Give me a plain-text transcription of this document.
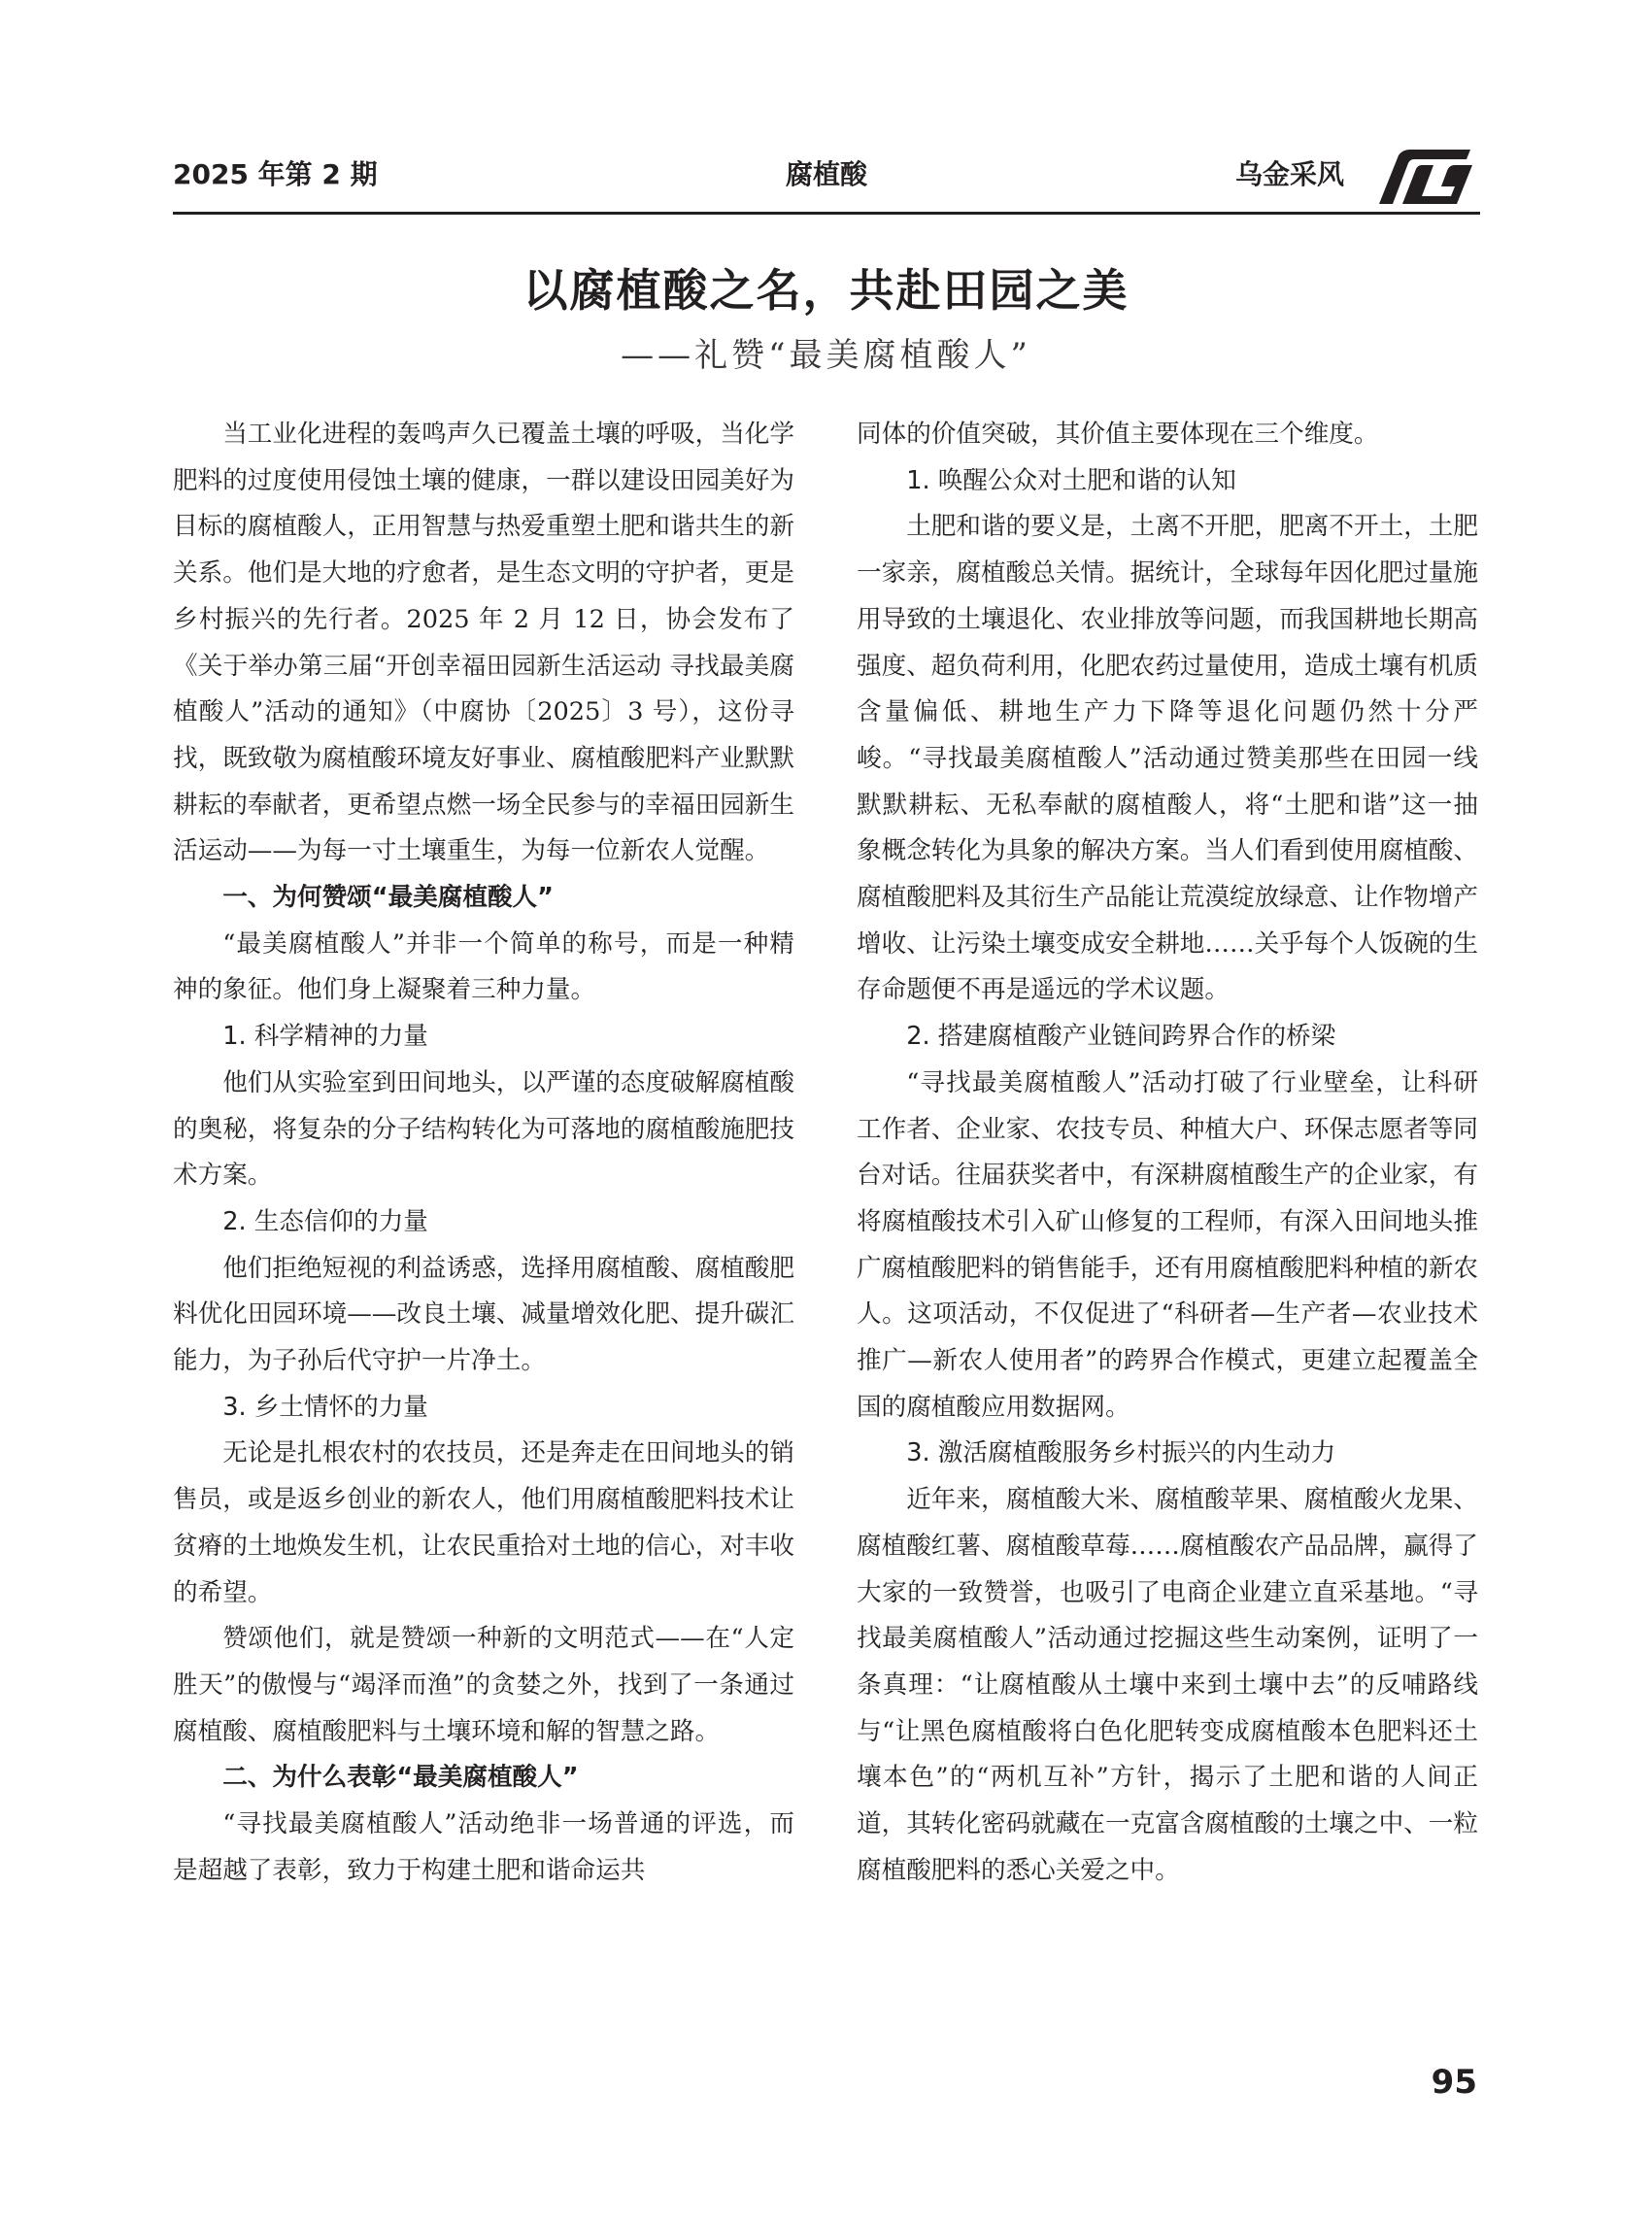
2025 年第 2 期	腐植酸	乌金采风
以腐植酸之名，共赴田园之美
——礼赞“最美腐植酸人”

当工业化进程的轰鸣声久已覆盖土壤的呼吸，当化学肥料的过度使用侵蚀土壤的健康，一群以建设田园美好为目标的腐植酸人，正用智慧与热爱重塑土肥和谐共生的新关系。他们是大地的疗愈者，是生态文明的守护者，更是乡村振兴的先行者。2025 年 2 月 12 日，协会发布了《关于举办第三届“开创幸福田园新生活运动 寻找最美腐植酸人”活动的通知》（中腐协〔2025〕3 号），这份寻找，既致敬为腐植酸环境友好事业、腐植酸肥料产业默默耕耘的奉献者，更希望点燃一场全民参与的幸福田园新生活运动——为每一寸土壤重生，为每一位新农人觉醒。

一、为何赞颂“最美腐植酸人”

“最美腐植酸人”并非一个简单的称号，而是一种精神的象征。他们身上凝聚着三种力量。

1. 科学精神的力量

他们从实验室到田间地头，以严谨的态度破解腐植酸的奥秘，将复杂的分子结构转化为可落地的腐植酸施肥技术方案。

2. 生态信仰的力量

他们拒绝短视的利益诱惑，选择用腐植酸、腐植酸肥料优化田园环境——改良土壤、减量增效化肥、提升碳汇能力，为子孙后代守护一片净土。

3. 乡土情怀的力量

无论是扎根农村的农技员，还是奔走在田间地头的销售员，或是返乡创业的新农人，他们用腐植酸肥料技术让贫瘠的土地焕发生机，让农民重拾对土地的信心，对丰收的希望。

赞颂他们，就是赞颂一种新的文明范式——在“人定胜天”的傲慢与“竭泽而渔”的贪婪之外，找到了一条通过腐植酸、腐植酸肥料与土壤环境和解的智慧之路。

二、为什么表彰“最美腐植酸人”

“寻找最美腐植酸人”活动绝非一场普通的评选，而是超越了表彰，致力于构建土肥和谐命运共

同体的价值突破，其价值主要体现在三个维度。

1. 唤醒公众对土肥和谐的认知

土肥和谐的要义是，土离不开肥，肥离不开土，土肥一家亲，腐植酸总关情。据统计，全球每年因化肥过量施用导致的土壤退化、农业排放等问题，而我国耕地长期高强度、超负荷利用，化肥农药过量使用，造成土壤有机质含量偏低、耕地生产力下降等退化问题仍然十分严峻。“寻找最美腐植酸人”活动通过赞美那些在田园一线默默耕耘、无私奉献的腐植酸人，将“土肥和谐”这一抽象概念转化为具象的解决方案。当人们看到使用腐植酸、腐植酸肥料及其衍生产品能让荒漠绽放绿意、让作物增产增收、让污染土壤变成安全耕地……关乎每个人饭碗的生存命题便不再是遥远的学术议题。

2. 搭建腐植酸产业链间跨界合作的桥梁

“寻找最美腐植酸人”活动打破了行业壁垒，让科研工作者、企业家、农技专员、种植大户、环保志愿者等同台对话。往届获奖者中，有深耕腐植酸生产的企业家，有将腐植酸技术引入矿山修复的工程师，有深入田间地头推广腐植酸肥料的销售能手，还有用腐植酸肥料种植的新农人。这项活动，不仅促进了“科研者—生产者—农业技术推广—新农人使用者”的跨界合作模式，更建立起覆盖全国的腐植酸应用数据网。

3. 激活腐植酸服务乡村振兴的内生动力

近年来，腐植酸大米、腐植酸苹果、腐植酸火龙果、腐植酸红薯、腐植酸草莓……腐植酸农产品品牌，赢得了大家的一致赞誉，也吸引了电商企业建立直采基地。“寻找最美腐植酸人”活动通过挖掘这些生动案例，证明了一条真理：“让腐植酸从土壤中来到土壤中去”的反哺路线与“让黑色腐植酸将白色化肥转变成腐植酸本色肥料还土壤本色”的“两机互补”方针，揭示了土肥和谐的人间正道，其转化密码就藏在一克富含腐植酸的土壤之中、一粒腐植酸肥料的悉心关爱之中。

95
